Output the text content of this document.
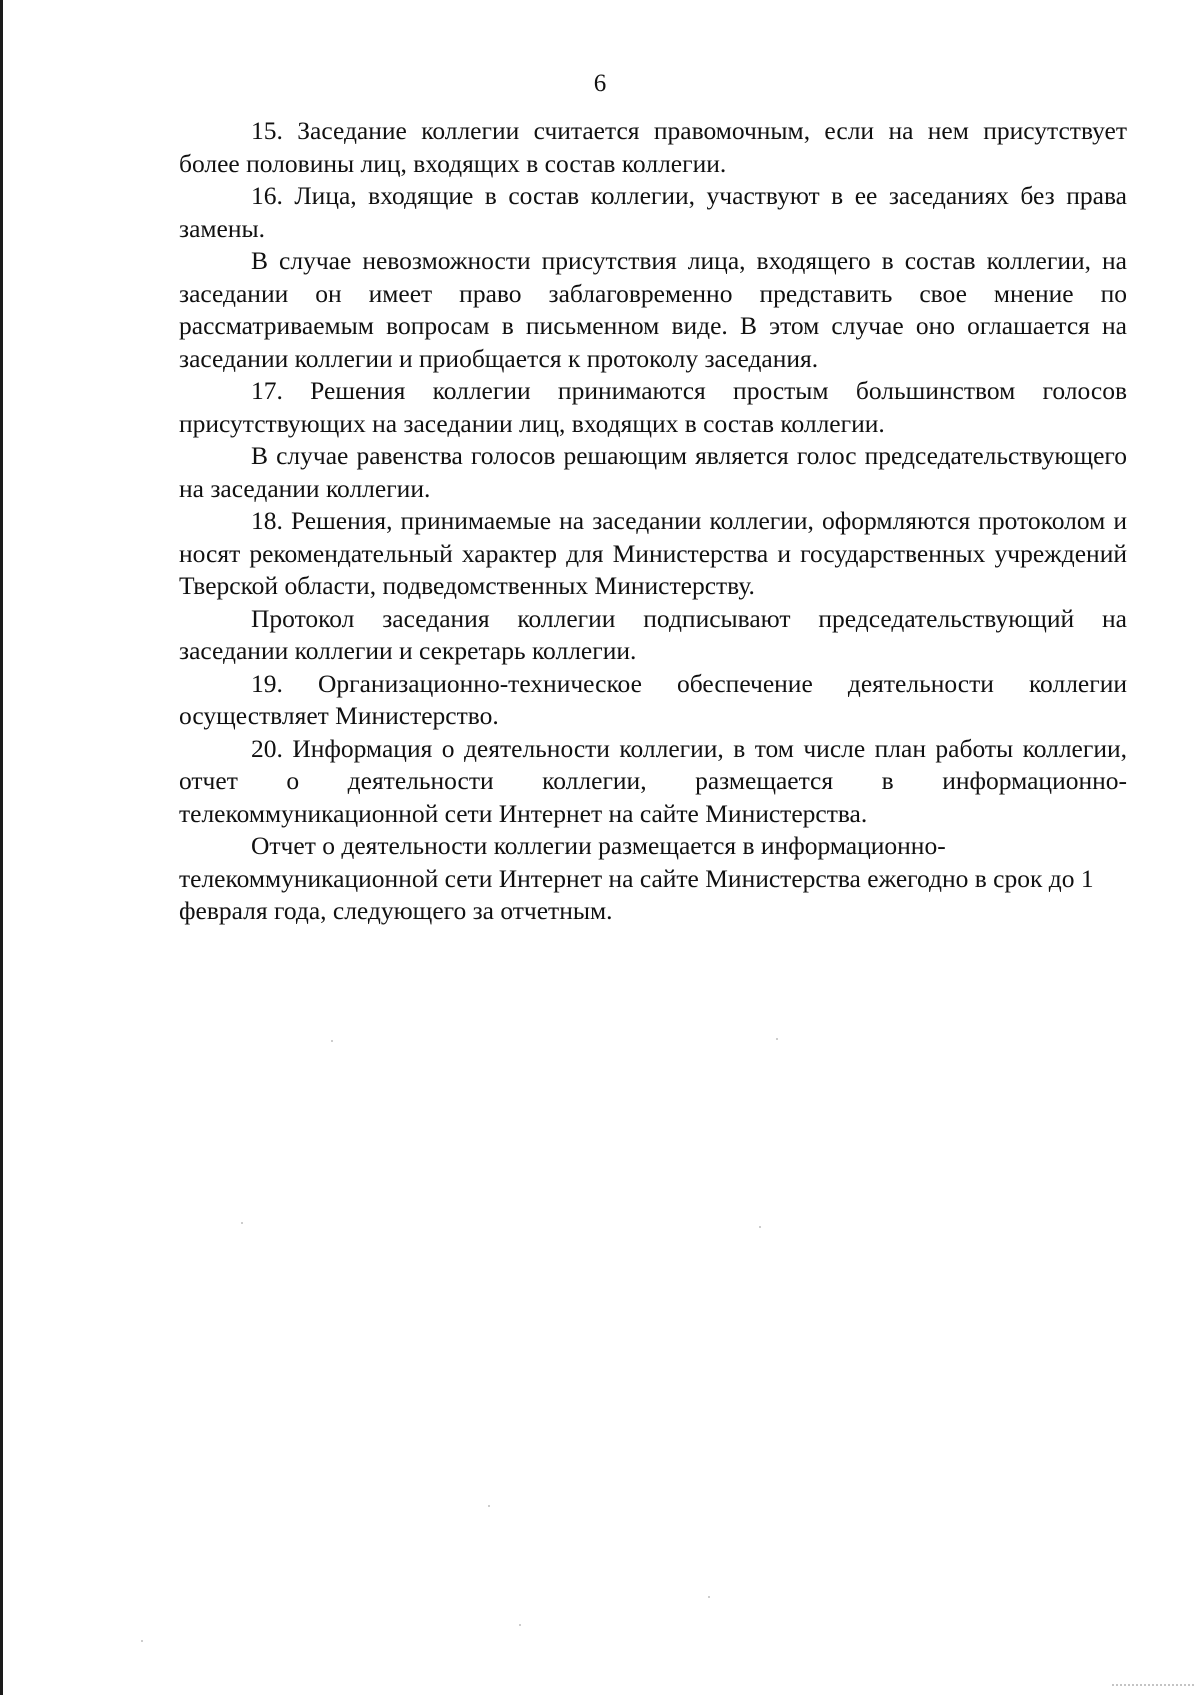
6

15. Заседание коллегии считается правомочным, если на нем присутствует более половины лиц, входящих в состав коллегии.

16. Лица, входящие в состав коллегии, участвуют в ее заседаниях без права замены.

В случае невозможности присутствия лица, входящего в состав коллегии, на заседании он имеет право заблаговременно представить свое мнение по рассматриваемым вопросам в письменном виде. В этом случае оно оглашается на заседании коллегии и приобщается к протоколу заседания.

17. Решения коллегии принимаются простым большинством голосов присутствующих на заседании лиц, входящих в состав коллегии.

В случае равенства голосов решающим является голос председательствующего на заседании коллегии.

18. Решения, принимаемые на заседании коллегии, оформляются протоколом и носят рекомендательный характер для Министерства и государственных учреждений Тверской области, подведомственных Министерству.

Протокол заседания коллегии подписывают председательствующий на заседании коллегии и секретарь коллегии.

19. Организационно-техническое обеспечение деятельности коллегии осуществляет Министерство.

20. Информация о деятельности коллегии, в том числе план работы коллегии, отчет о деятельности коллегии, размещается в информационно-телекоммуникационной сети Интернет на сайте Министерства.

Отчет о деятельности коллегии размещается в информационно-телекоммуникационной сети Интернет на сайте Министерства ежегодно в срок до 1 февраля года, следующего за отчетным.
